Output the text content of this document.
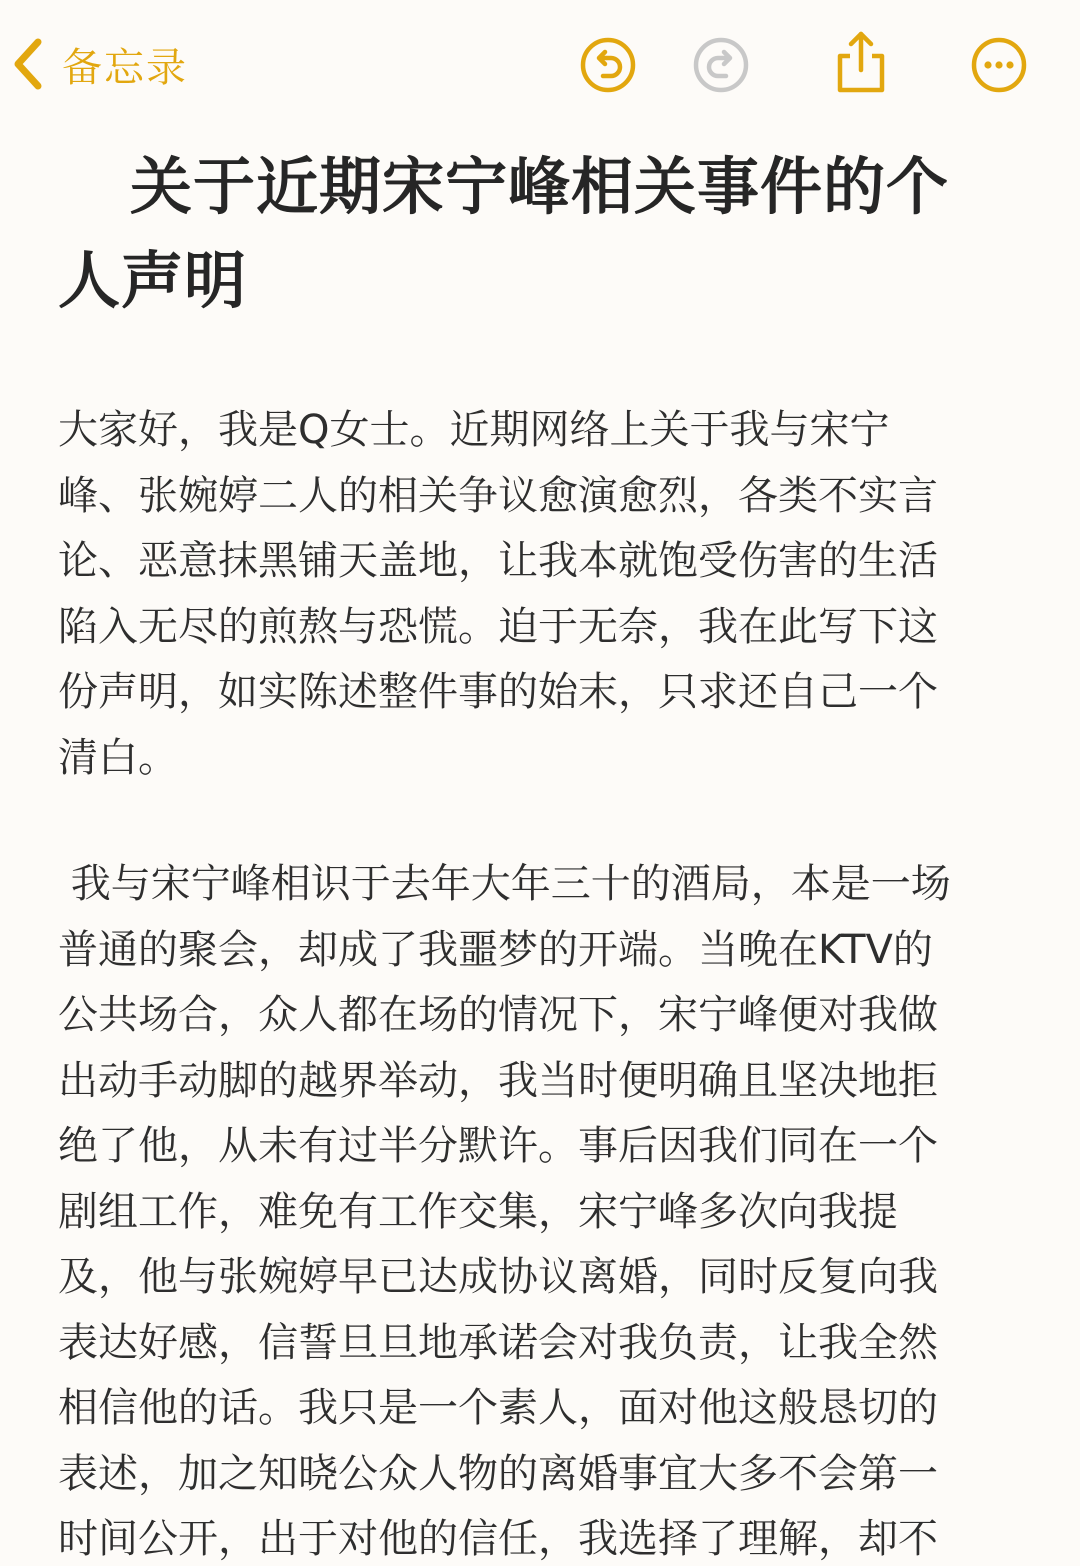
备忘录
关于近期宋宁峰相关事件的个
人声明

大家好，我是Q女士。近期网络上关于我与宋宁
峰、张婉婷二人的相关争议愈演愈烈，各类不实言
论、恶意抹黑铺天盖地，让我本就饱受伤害的生活
陷入无尽的煎熬与恐慌。迫于无奈，我在此写下这
份声明，如实陈述整件事的始末，只求还自己一个
清白。

我与宋宁峰相识于去年大年三十的酒局，本是一场
普通的聚会，却成了我噩梦的开端。当晚在KTV的
公共场合，众人都在场的情况下，宋宁峰便对我做
出动手动脚的越界举动，我当时便明确且坚决地拒
绝了他，从未有过半分默许。事后因我们同在一个
剧组工作，难免有工作交集，宋宁峰多次向我提
及，他与张婉婷早已达成协议离婚，同时反复向我
表达好感，信誓旦旦地承诺会对我负责，让我全然
相信他的话。我只是一个素人，面对他这般恳切的
表述，加之知晓公众人物的离婚事宜大多不会第一
时间公开，出于对他的信任，我选择了理解，却不
